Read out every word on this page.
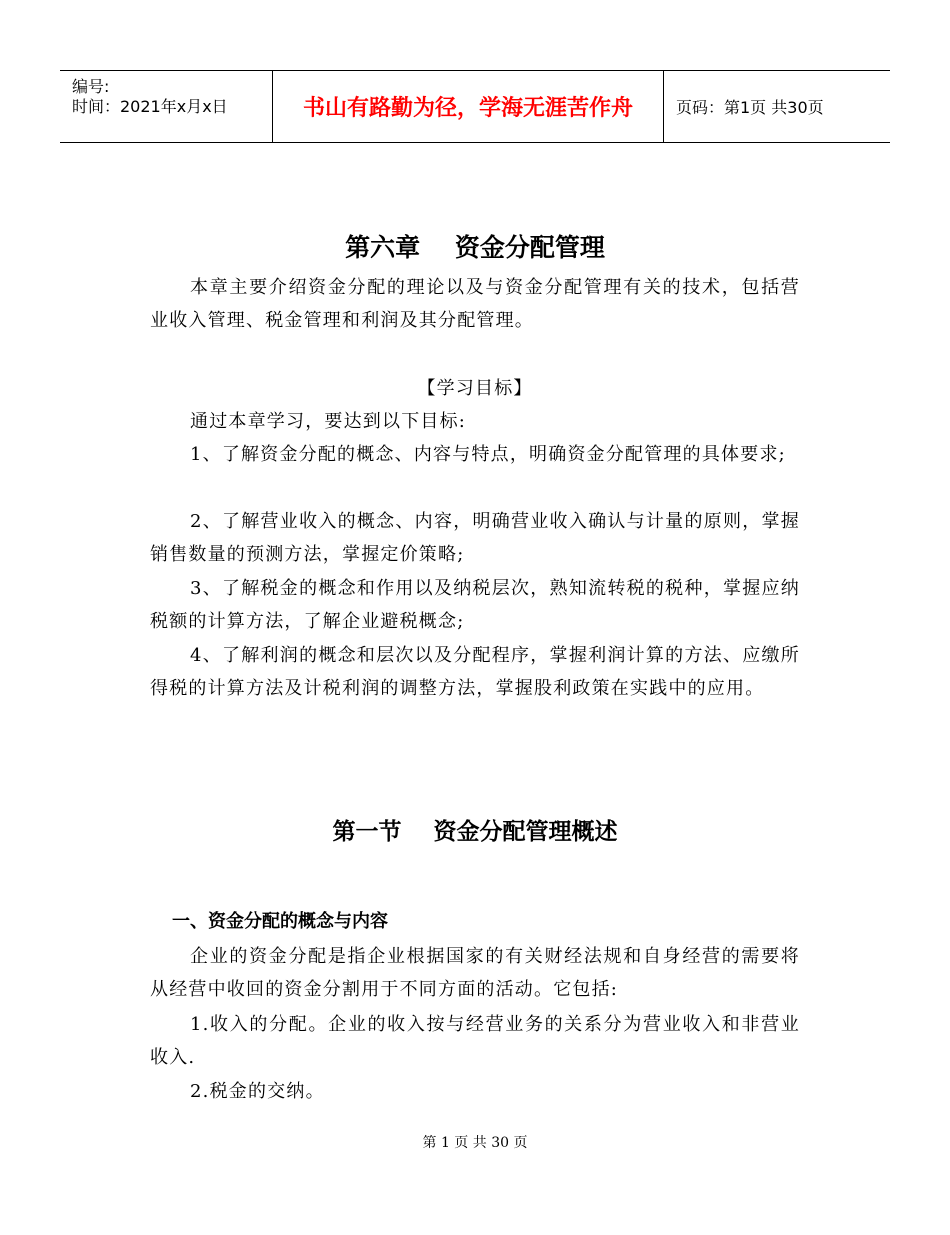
编号:
时间：2021年x月x日	书山有路勤为径，学海无涯苦作舟	页码：第1页 共30页
第六章    资金分配管理

本章主要介绍资金分配的理论以及与资金分配管理有关的技术，包括营业收入管理、税金管理和利润及其分配管理。

【学习目标】

通过本章学习，要达到以下目标:

1、了解资金分配的概念、内容与特点，明确资金分配管理的具体要求;

2、了解营业收入的概念、内容，明确营业收入确认与计量的原则，掌握销售数量的预测方法，掌握定价策略;

3、了解税金的概念和作用以及纳税层次，熟知流转税的税种，掌握应纳税额的计算方法，了解企业避税概念;

4、了解利润的概念和层次以及分配程序，掌握利润计算的方法、应缴所得税的计算方法及计税利润的调整方法，掌握股利政策在实践中的应用。

第一节    资金分配管理概述
一、资金分配的概念与内容

企业的资金分配是指企业根据国家的有关财经法规和自身经营的需要将从经营中收回的资金分割用于不同方面的活动。它包括:

1.收入的分配。企业的收入按与经营业务的关系分为营业收入和非营业收入.

2.税金的交纳。

第 1 页 共 30 页
